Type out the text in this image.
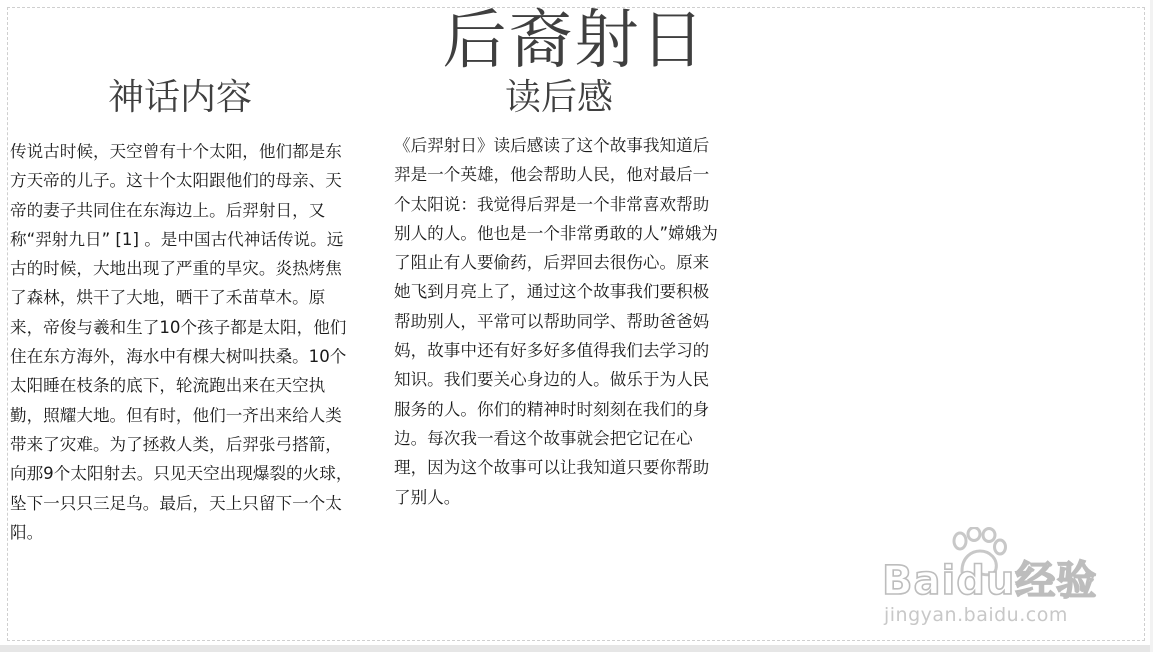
后裔射日
神话内容	读后感

传说古时候，天空曾有十个太阳，他们都是东方天帝的儿子。这十个太阳跟他们的母亲、天帝的妻子共同住在东海边上。后羿射日，又称“羿射九日” [1] 。是中国古代神话传说。远古的时候，大地出现了严重的旱灾。炎热烤焦了森林，烘干了大地，晒干了禾苗草木。原来，帝俊与羲和生了10个孩子都是太阳，他们住在东方海外，海水中有棵大树叫扶桑。10个太阳睡在枝条的底下，轮流跑出来在天空执勤，照耀大地。但有时，他们一齐出来给人类带来了灾难。为了拯救人类，后羿张弓搭箭，向那9个太阳射去。只见天空出现爆裂的火球，坠下一只只三足乌。最后，天上只留下一个太阳。

《后羿射日》读后感读了这个故事我知道后羿是一个英雄，他会帮助人民，他对最后一个太阳说：我觉得后羿是一个非常喜欢帮助别人的人。他也是一个非常勇敢的人”嫦娥为了阻止有人要偷药，后羿回去很伤心。原来她飞到月亮上了，通过这个故事我们要积极帮助别人，平常可以帮助同学、帮助爸爸妈妈，故事中还有好多好多值得我们去学习的知识。我们要关心身边的人。做乐于为人民服务的人。你们的精神时时刻刻在我们的身边。每次我一看这个故事就会把它记在心理，因为这个故事可以让我知道只要你帮助了别人。

Baidu经验
jingyan.baidu.com
